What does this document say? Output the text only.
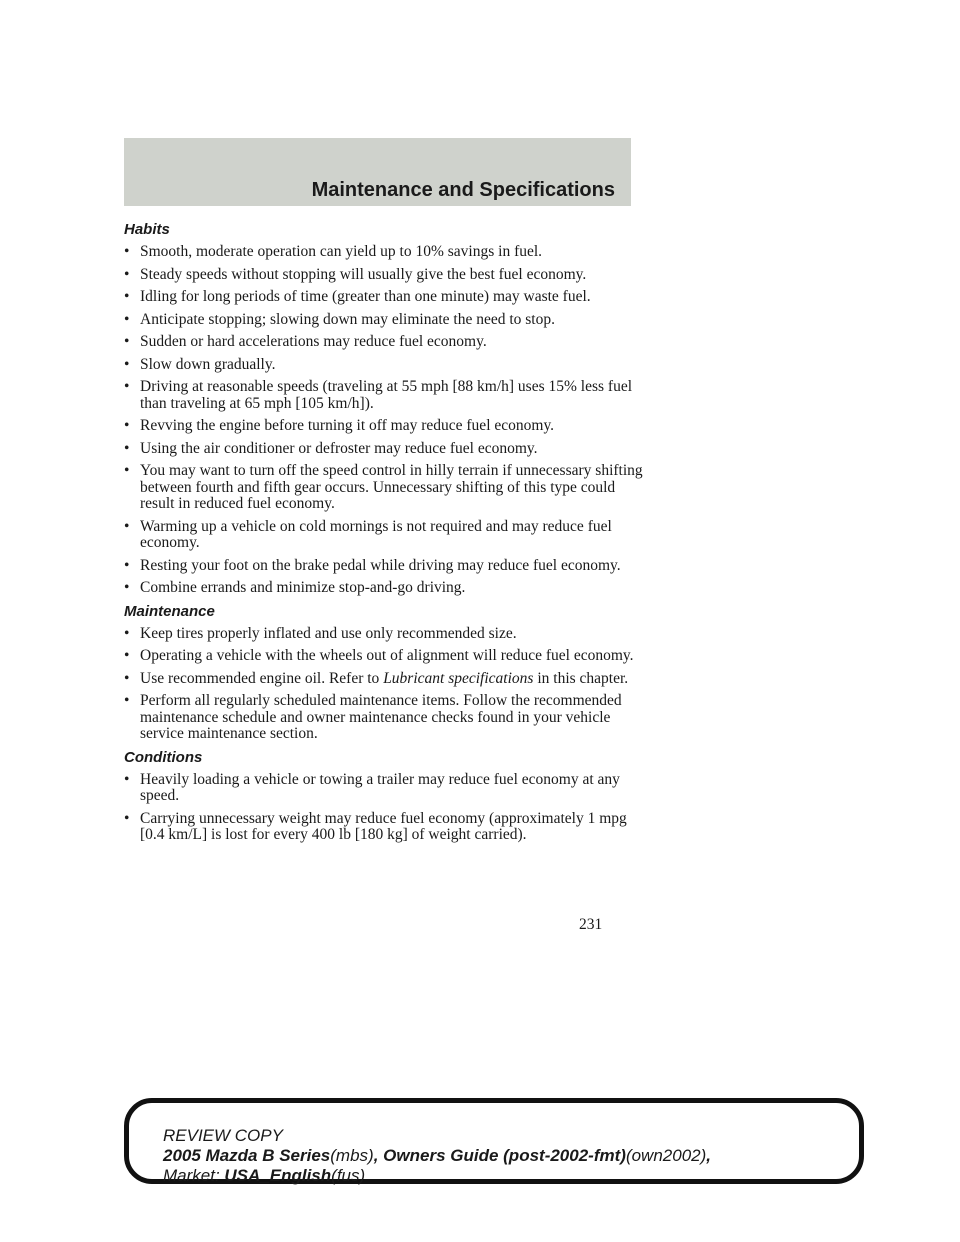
Maintenance and Specifications
Habits
• Smooth, moderate operation can yield up to 10% savings in fuel.
• Steady speeds without stopping will usually give the best fuel economy.
• Idling for long periods of time (greater than one minute) may waste fuel.
• Anticipate stopping; slowing down may eliminate the need to stop.
• Sudden or hard accelerations may reduce fuel economy.
• Slow down gradually.
• Driving at reasonable speeds (traveling at 55 mph [88 km/h] uses 15% less fuel than traveling at 65 mph [105 km/h]).
• Revving the engine before turning it off may reduce fuel economy.
• Using the air conditioner or defroster may reduce fuel economy.
• You may want to turn off the speed control in hilly terrain if unnecessary shifting between fourth and fifth gear occurs. Unnecessary shifting of this type could result in reduced fuel economy.
• Warming up a vehicle on cold mornings is not required and may reduce fuel economy.
• Resting your foot on the brake pedal while driving may reduce fuel economy.
• Combine errands and minimize stop-and-go driving.
Maintenance
• Keep tires properly inflated and use only recommended size.
• Operating a vehicle with the wheels out of alignment will reduce fuel economy.
• Use recommended engine oil. Refer to Lubricant specifications in this chapter.
• Perform all regularly scheduled maintenance items. Follow the recommended maintenance schedule and owner maintenance checks found in your vehicle service maintenance section.
Conditions
• Heavily loading a vehicle or towing a trailer may reduce fuel economy at any speed.
• Carrying unnecessary weight may reduce fuel economy (approximately 1 mpg [0.4 km/L] is lost for every 400 lb [180 kg] of weight carried).
231
REVIEW COPY
2005 Mazda B Series(mbs), Owners Guide (post-2002-fmt)(own2002),
Market: USA_English(fus)
